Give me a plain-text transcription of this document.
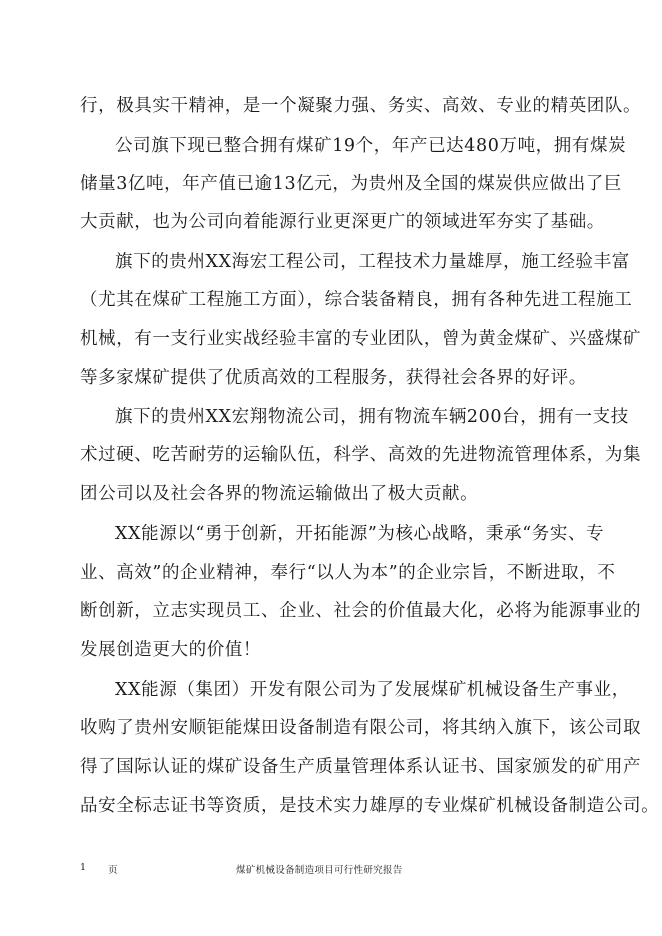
行，极具实干精神，是一个凝聚力强、务实、高效、专业的精英团队。
公司旗下现已整合拥有煤矿19个，年产已达480万吨，拥有煤炭
储量3亿吨，年产值已逾13亿元，为贵州及全国的煤炭供应做出了巨
大贡献，也为公司向着能源行业更深更广的领域进军夯实了基础。
旗下的贵州XX海宏工程公司，工程技术力量雄厚，施工经验丰富
（尤其在煤矿工程施工方面），综合装备精良，拥有各种先进工程施工
机械，有一支行业实战经验丰富的专业团队，曾为黄金煤矿、兴盛煤矿
等多家煤矿提供了优质高效的工程服务，获得社会各界的好评。
旗下的贵州XX宏翔物流公司，拥有物流车辆200台，拥有一支技
术过硬、吃苦耐劳的运输队伍，科学、高效的先进物流管理体系，为集
团公司以及社会各界的物流运输做出了极大贡献。
XX能源以“勇于创新，开拓能源”为核心战略，秉承“务实、专
业、高效”的企业精神，奉行“以人为本”的企业宗旨，不断进取，不
断创新，立志实现员工、企业、社会的价值最大化，必将为能源事业的
发展创造更大的价值！
XX能源（集团）开发有限公司为了发展煤矿机械设备生产事业，
收购了贵州安顺钜能煤田设备制造有限公司，将其纳入旗下，该公司取
得了国际认证的煤矿设备生产质量管理体系认证书、国家颁发的矿用产
品安全标志证书等资质，是技术实力雄厚的专业煤矿机械设备制造公司。
1 页	煤矿机械设备制造项目可行性研究报告
